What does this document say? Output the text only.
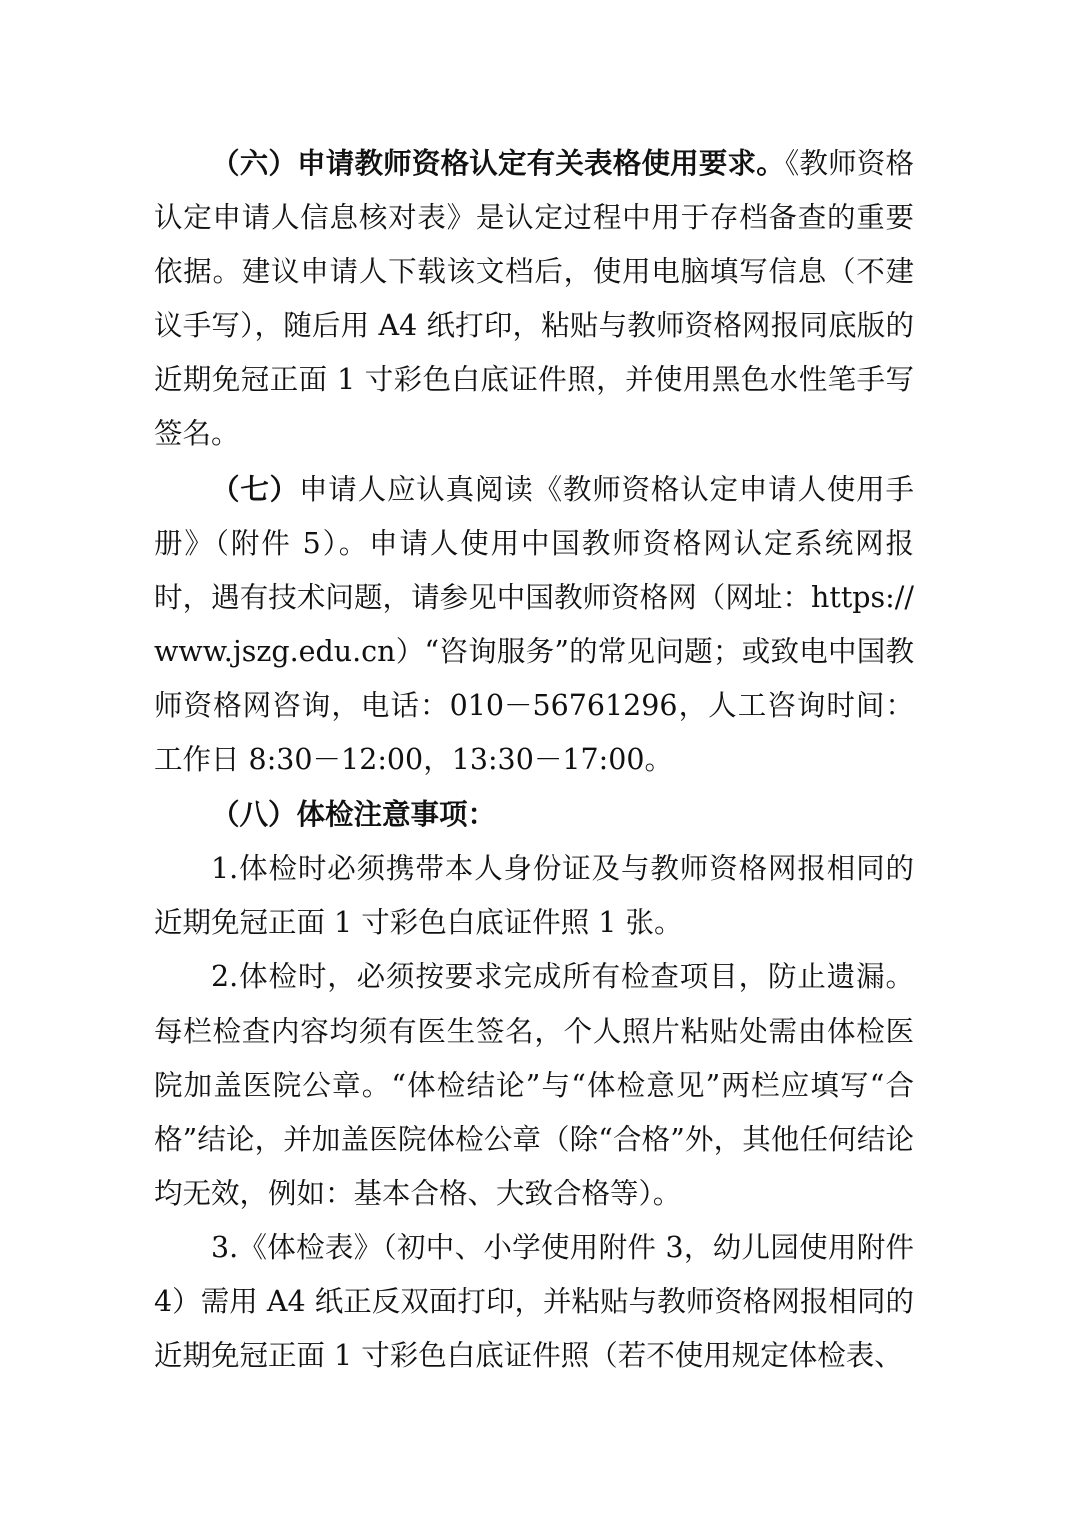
（六）申请教师资格认定有关表格使用要求。《教师资格认定申请人信息核对表》是认定过程中用于存档备查的重要依据。建议申请人下载该文档后，使用电脑填写信息（不建议手写），随后用 A4 纸打印，粘贴与教师资格网报同底版的近期免冠正面 1 寸彩色白底证件照，并使用黑色水性笔手写签名。

（七）申请人应认真阅读《教师资格认定申请人使用手册》（附件 5）。申请人使用中国教师资格网认定系统网报时，遇有技术问题，请参见中国教师资格网（网址：https://www.jszg.edu.cn）“咨询服务”的常见问题；或致电中国教师资格网咨询，电话：010－56761296，人工咨询时间：工作日 8:30－12:00，13:30－17:00。

（八）体检注意事项：

1.体检时必须携带本人身份证及与教师资格网报相同的近期免冠正面 1 寸彩色白底证件照 1 张。

2.体检时，必须按要求完成所有检查项目，防止遗漏。每栏检查内容均须有医生签名，个人照片粘贴处需由体检医院加盖医院公章。“体检结论”与“体检意见”两栏应填写“合格”结论，并加盖医院体检公章（除“合格”外，其他任何结论均无效，例如：基本合格、大致合格等）。

3.《体检表》（初中、小学使用附件 3，幼儿园使用附件 4）需用 A4 纸正反双面打印，并粘贴与教师资格网报相同的近期免冠正面 1 寸彩色白底证件照（若不使用规定体检表、
